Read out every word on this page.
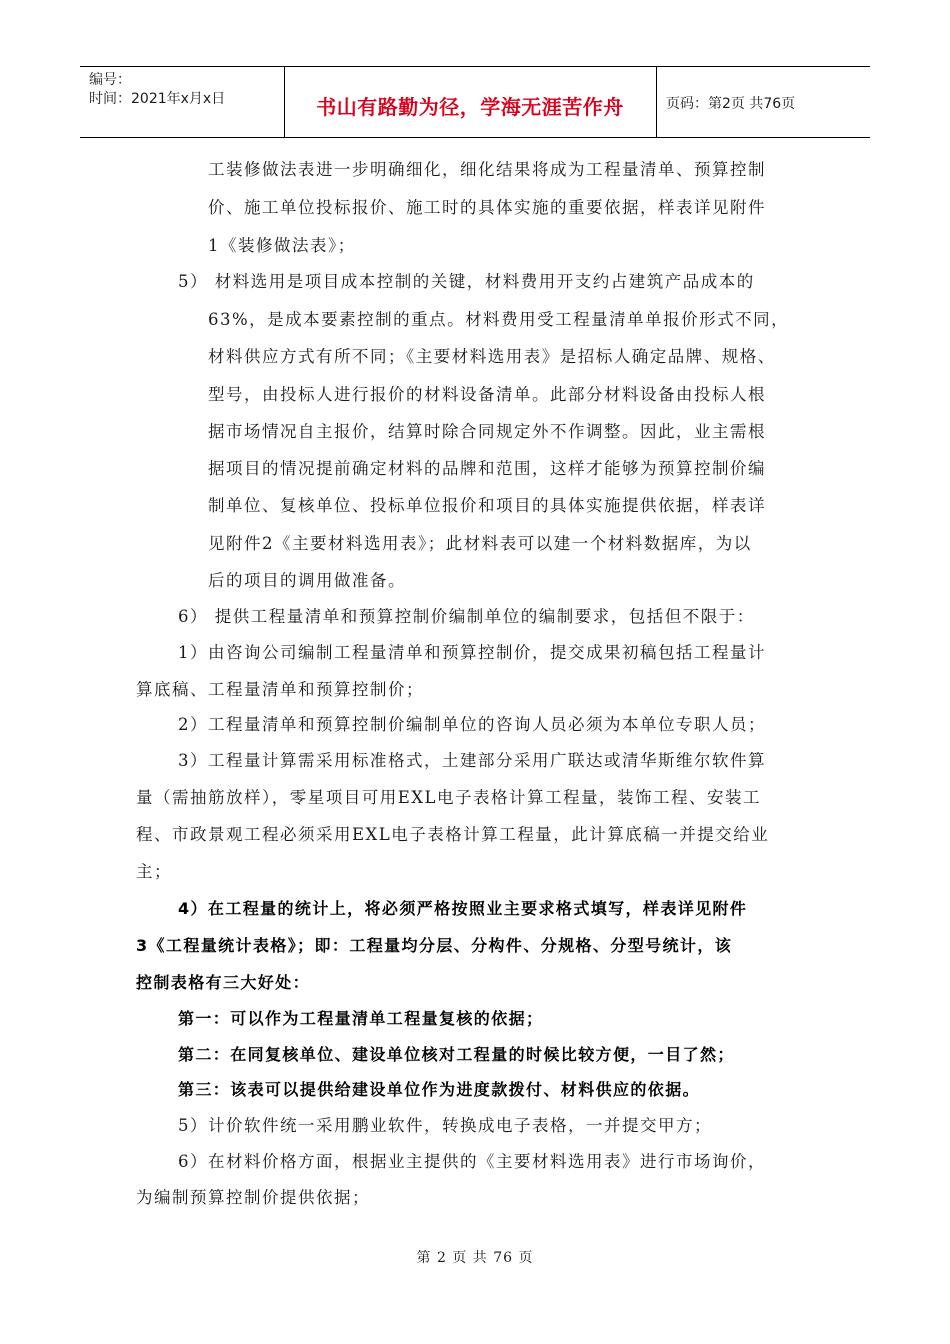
编号：
时间：2021年x月x日	书山有路勤为径，学海无涯苦作舟	页码：第2页 共76页
工装修做法表进一步明确细化，细化结果将成为工程量清单、预算控制
价、施工单位投标报价、施工时的具体实施的重要依据，样表详见附件
1《装修做法表》；
5） 材料选用是项目成本控制的关键，材料费用开支约占建筑产品成本的
63%，是成本要素控制的重点。材料费用受工程量清单单报价形式不同，
材料供应方式有所不同；《主要材料选用表》是招标人确定品牌、规格、
型号，由投标人进行报价的材料设备清单。此部分材料设备由投标人根
据市场情况自主报价，结算时除合同规定外不作调整。因此，业主需根
据项目的情况提前确定材料的品牌和范围，这样才能够为预算控制价编
制单位、复核单位、投标单位报价和项目的具体实施提供依据，样表详
见附件2《主要材料选用表》；此材料表可以建一个材料数据库，为以
后的项目的调用做准备。
6） 提供工程量清单和预算控制价编制单位的编制要求，包括但不限于：
1）由咨询公司编制工程量清单和预算控制价，提交成果初稿包括工程量计
算底稿、工程量清单和预算控制价；
2）工程量清单和预算控制价编制单位的咨询人员必须为本单位专职人员；
3）工程量计算需采用标准格式，土建部分采用广联达或清华斯维尔软件算
量（需抽筋放样），零星项目可用EXL电子表格计算工程量，装饰工程、安装工
程、市政景观工程必须采用EXL电子表格计算工程量，此计算底稿一并提交给业
主；
4）在工程量的统计上，将必须严格按照业主要求格式填写，样表详见附件
3《工程量统计表格》；即：工程量均分层、分构件、分规格、分型号统计，该
控制表格有三大好处：
第一：可以作为工程量清单工程量复核的依据；
第二：在同复核单位、建设单位核对工程量的时候比较方便，一目了然；
第三：该表可以提供给建设单位作为进度款拨付、材料供应的依据。
5）计价软件统一采用鹏业软件，转换成电子表格，一并提交甲方；
6）在材料价格方面，根据业主提供的《主要材料选用表》进行市场询价，
为编制预算控制价提供依据；
第 2 页 共 76 页
